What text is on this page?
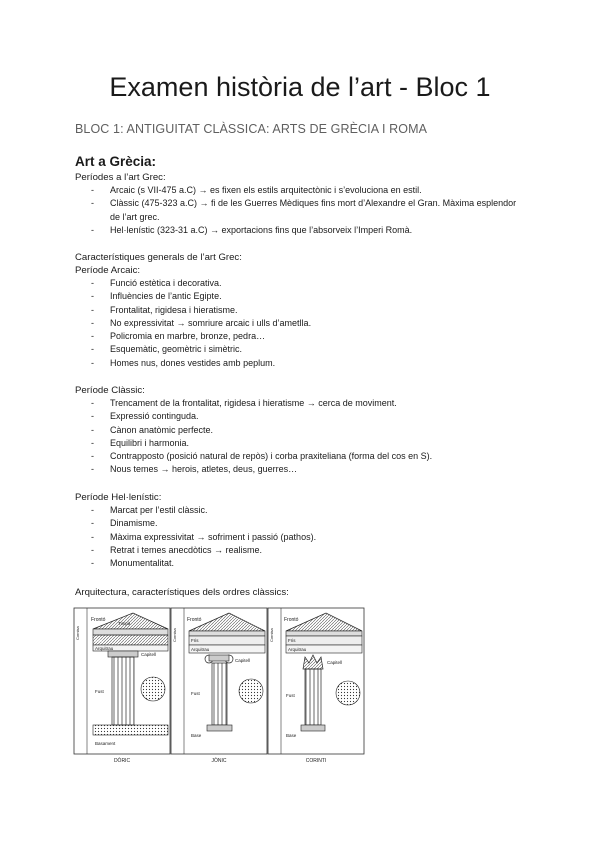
Examen història de l’art - Bloc 1
BLOC 1: ANTIGUITAT CLÀSSICA: ARTS DE GRÈCIA I ROMA
Art a Grècia:
Períodes a l’art Grec:
- Arcaic (s VII-475 a.C) → es fixen els estils arquitectònic i s’evoluciona en estil.
- Clàssic (475-323 a.C) → fi de les Guerres Mèdiques fins mort d’Alexandre el Gran. Màxima esplendor de l’art grec.
- Hel·lenístic (323-31 a.C) → exportacions fins que l’absorveix l’Imperi Romà.
Característiques generals de l’art Grec:
Període Arcaic:
- Funció estètica i decorativa.
- Influències de l’antic Egipte.
- Frontalitat, rigidesa i hieratisme.
- No expressivitat → somriure arcaic i ulls d’ametlla.
- Policromia en marbre, bronze, pedra…
- Esquemàtic, geomètric i simètric.
- Homes nus, dones vestides amb peplum.
Període Clàssic:
- Trencament de la frontalitat, rigidesa i hieratisme → cerca de moviment.
- Expressió continguda.
- Cànon anatòmic perfecte.
- Equilibri i harmonia.
- Contrapposto (posició natural de repòs) i corba praxiteliana (forma del cos en S).
- Nous temes → herois, atletes, deus, guerres…
Període Hel·lenístic:
- Marcat per l’estil clàssic.
- Dinamisme.
- Màxima expressivitat → sofriment i passió (pathos).
- Retrat i temes anecdòtics → realisme.
- Monumentalitat.
Arquitectura, característiques dels ordres clàssics:
Frontó
Timpà
Cornisa
Fris
Arquitrau
Capitell
Fust
Basament
Frontó
Cornisa	Fris
Arquitrau
Capitell
Fust
Base
Frontó
Cornisa	Fris
Arquitrau
Capitell
Fust
Base
DÒRIC	JÒNIC	CORINTI
